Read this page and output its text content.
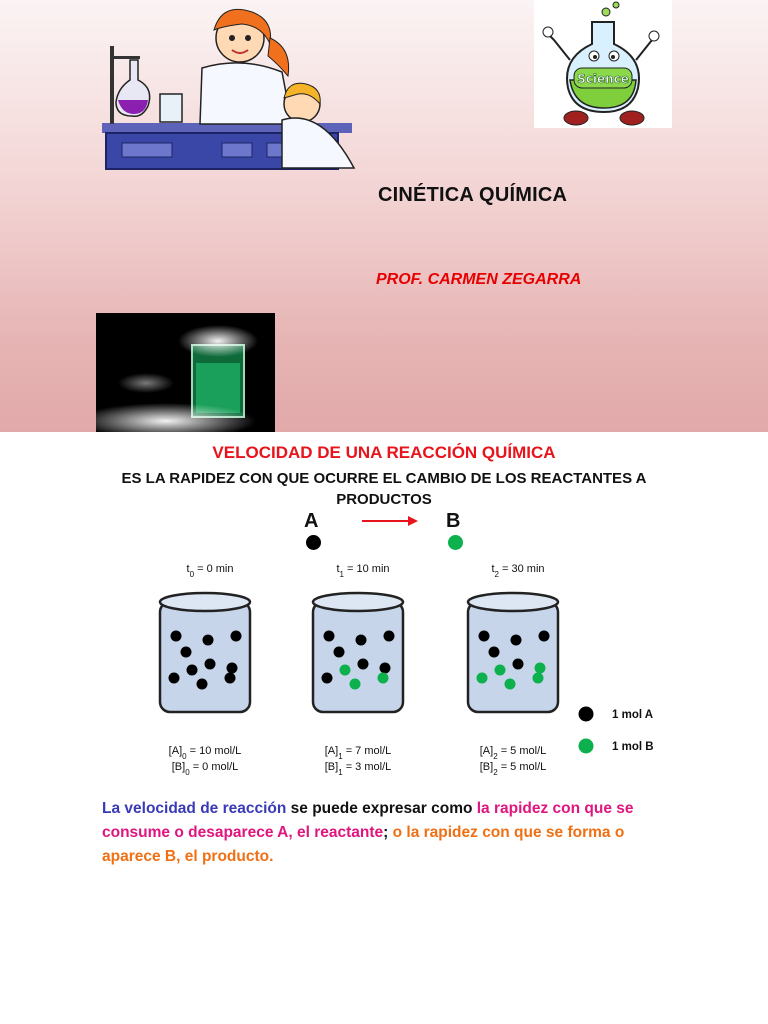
Science
CINÉTICA QUÍMICA
PROF. CARMEN ZEGARRA
VELOCIDAD DE UNA REACCIÓN QUÍMICA
ES LA RAPIDEZ CON QUE OCURRE EL CAMBIO DE LOS REACTANTES A PRODUCTOS
A	B
$t_0 = 0$ min
$[A]_0 = 10$ mol/L
$[B]_0 = 0$ mol/L
$t_1 = 10$ min
$[A]_1 = 7$ mol/L
$[B]_1 = 3$ mol/L
$t_2 = 30$ min
$[A]_2 = 5$ mol/L
$[B]_2 = 5$ mol/L
1 mol A
1 mol B
La velocidad de reacción se puede expresar como la rapidez con que se consume o desaparece A, el reactante; o la rapidez con que se forma o aparece B, el producto.
